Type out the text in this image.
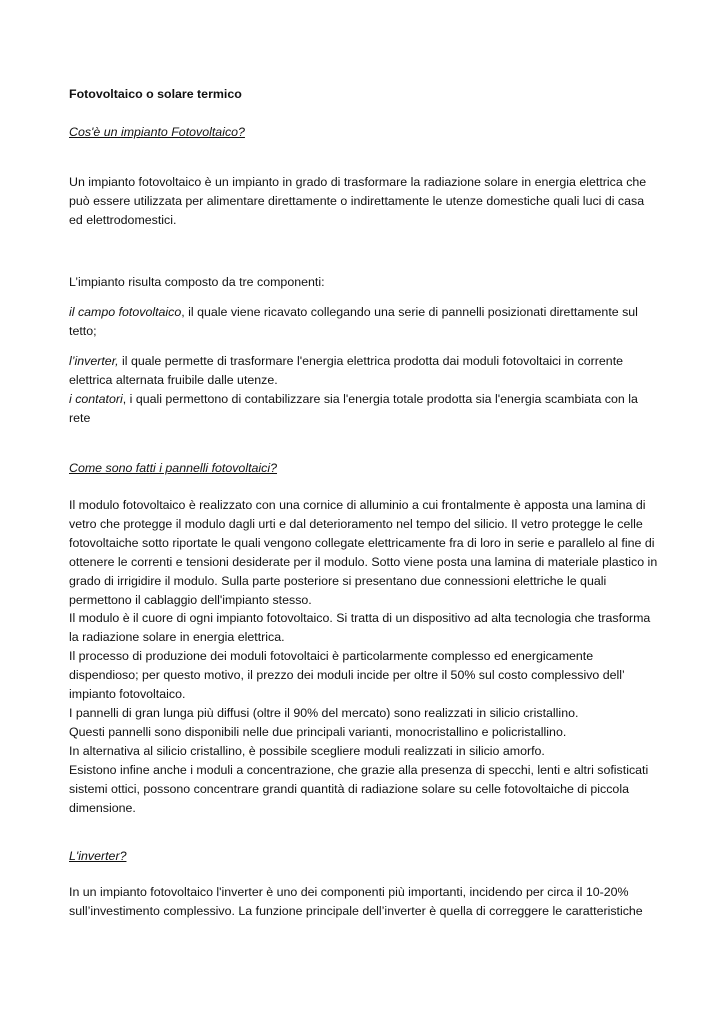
Fotovoltaico o solare termico

Cos'è un impianto Fotovoltaico?

Un impianto fotovoltaico è un impianto in grado di trasformare la radiazione solare in energia elettrica che può essere utilizzata per alimentare direttamente o indirettamente le utenze domestiche quali luci di casa ed elettrodomestici.

L’impianto risulta composto da tre componenti:

il campo fotovoltaico, il quale viene ricavato collegando una serie di pannelli posizionati direttamente sul tetto;

l’inverter, il quale permette di trasformare l'energia elettrica prodotta dai moduli fotovoltaici in corrente elettrica alternata fruibile dalle utenze.

i contatori, i quali permettono di contabilizzare sia l'energia totale prodotta sia l'energia scambiata con la rete

Come sono fatti i pannelli fotovoltaici?

Il modulo fotovoltaico è realizzato con una cornice di alluminio a cui frontalmente è apposta una lamina di vetro che protegge il modulo dagli urti e dal deterioramento nel tempo del silicio. Il vetro protegge le celle fotovoltaiche sotto riportate le quali vengono collegate elettricamente fra di loro in serie e parallelo al fine di ottenere le correnti e tensioni desiderate per il modulo. Sotto viene posta una lamina di materiale plastico in grado di irrigidire il modulo. Sulla parte posteriore si presentano due connessioni elettriche le quali permettono il cablaggio dell'impianto stesso.
Il modulo è il cuore di ogni impianto fotovoltaico. Si tratta di un dispositivo ad alta tecnologia che trasforma la radiazione solare in energia elettrica.
Il processo di produzione dei moduli fotovoltaici è particolarmente complesso ed energicamente dispendioso; per questo motivo, il prezzo dei moduli incide per oltre il 50% sul costo complessivo dell’ impianto fotovoltaico.
I pannelli di gran lunga più diffusi (oltre il 90% del mercato) sono realizzati in silicio cristallino.
Questi pannelli sono disponibili nelle due principali varianti, monocristallino e policristallino.
In alternativa al silicio cristallino, è possibile scegliere moduli realizzati in silicio amorfo.
Esistono infine anche i moduli a concentrazione, che grazie alla presenza di specchi, lenti e altri sofisticati sistemi ottici, possono concentrare grandi quantità di radiazione solare su celle fotovoltaiche di piccola dimensione.

L'inverter?

In un impianto fotovoltaico l'inverter è uno dei componenti più importanti, incidendo per circa il 10-20% sull’investimento complessivo. La funzione principale dell’inverter è quella di correggere le caratteristiche
